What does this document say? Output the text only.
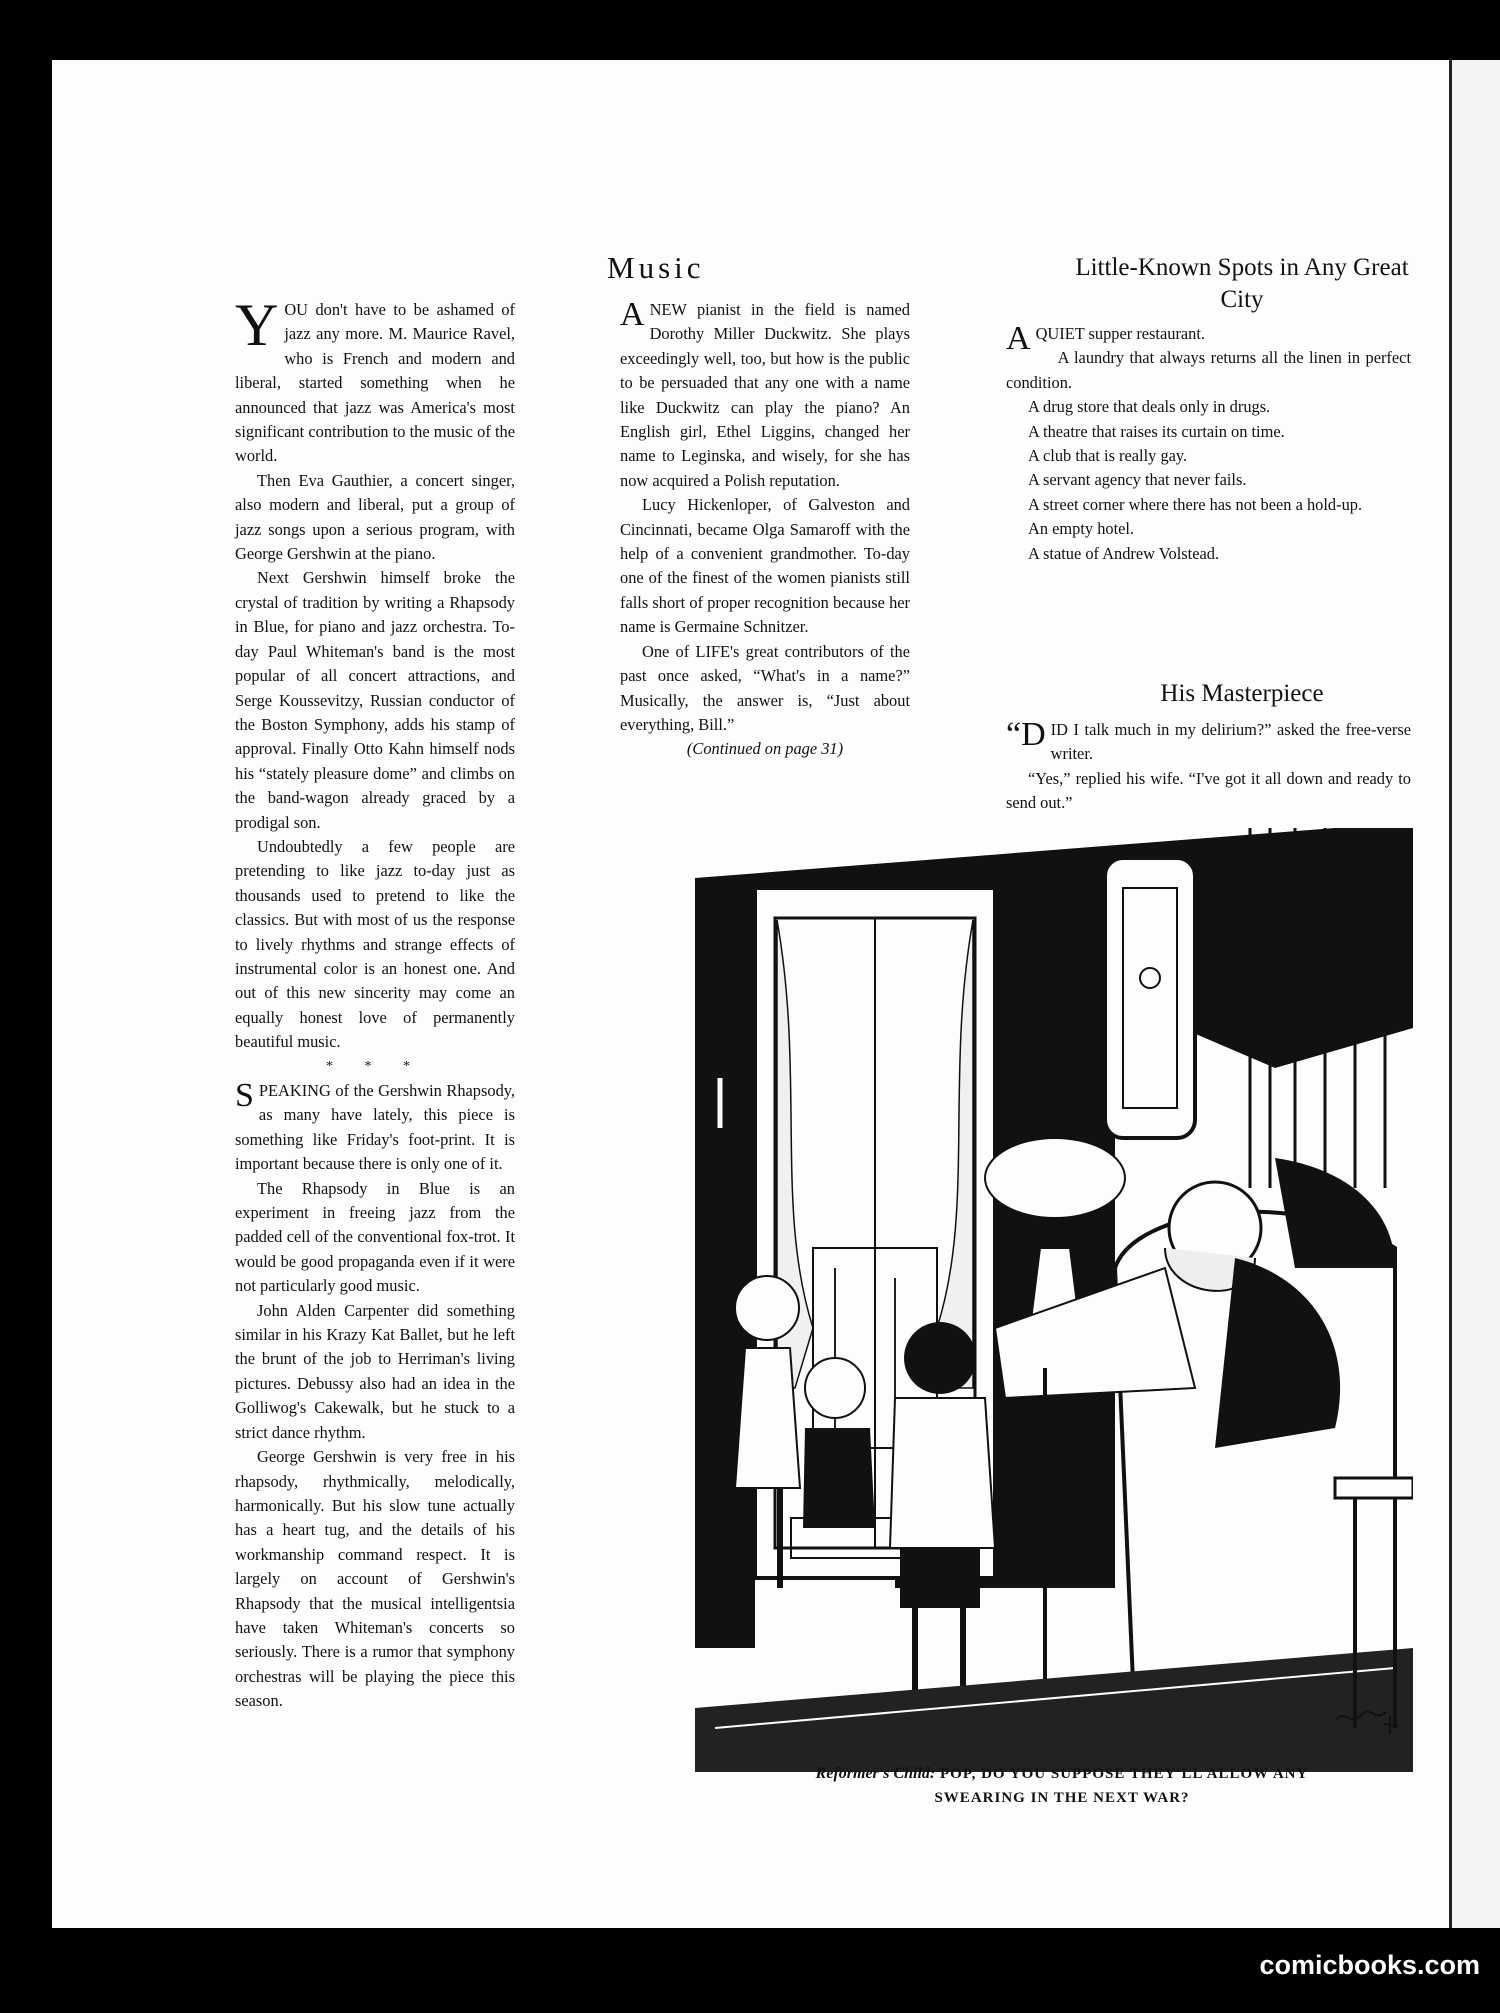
Music

YOU don't have to be ashamed of jazz any more. M. Maurice Ravel, who is French and modern and liberal, started something when he announced that jazz was America's most significant contribution to the music of the world.

Then Eva Gauthier, a concert singer, also modern and liberal, put a group of jazz songs upon a serious program, with George Gershwin at the piano.

Next Gershwin himself broke the crystal of tradition by writing a Rhapsody in Blue, for piano and jazz orchestra. To-day Paul Whiteman's band is the most popular of all concert attractions, and Serge Koussevitzy, Russian conductor of the Boston Symphony, adds his stamp of approval. Finally Otto Kahn himself nods his “stately pleasure dome” and climbs on the band-wagon already graced by a prodigal son.

Undoubtedly a few people are pretending to like jazz to-day just as thousands used to pretend to like the classics. But with most of us the response to lively rhythms and strange effects of instrumental color is an honest one. And out of this new sincerity may come an equally honest love of permanently beautiful music.

* * *

SPEAKING of the Gershwin Rhapsody, as many have lately, this piece is something like Friday's foot-print. It is important because there is only one of it.

The Rhapsody in Blue is an experiment in freeing jazz from the padded cell of the conventional fox-trot. It would be good propaganda even if it were not particularly good music.

John Alden Carpenter did something similar in his Krazy Kat Ballet, but he left the brunt of the job to Herriman's living pictures. Debussy also had an idea in the Golliwog's Cakewalk, but he stuck to a strict dance rhythm.

George Gershwin is very free in his rhapsody, rhythmically, melodically, harmonically. But his slow tune actually has a heart tug, and the details of his workmanship command respect. It is largely on account of Gershwin's Rhapsody that the musical intelligentsia have taken Whiteman's concerts so seriously. There is a rumor that symphony orchestras will be playing the piece this season.

ANEW pianist in the field is named Dorothy Miller Duckwitz. She plays exceedingly well, too, but how is the public to be persuaded that any one with a name like Duckwitz can play the piano? An English girl, Ethel Liggins, changed her name to Leginska, and wisely, for she has now acquired a Polish reputation.

Lucy Hickenloper, of Galveston and Cincinnati, became Olga Samaroff with the help of a convenient grandmother. To-day one of the finest of the women pianists still falls short of proper recognition because her name is Germaine Schnitzer.

One of LIFE's great contributors of the past once asked, “What's in a name?” Musically, the answer is, “Just about everything, Bill.”

(Continued on page 31)

Little-Known Spots in Any Great City

AQUIET supper restaurant.

A laundry that always returns all the linen in perfect condition.

A drug store that deals only in drugs.

A theatre that raises its curtain on time.

A club that is really gay.

A servant agency that never fails.

A street corner where there has not been a hold-up.

An empty hotel.

A statue of Andrew Volstead.

His Masterpiece

“DID I talk much in my delirium?” asked the free-verse writer.

“Yes,” replied his wife. “I've got it all down and ready to send out.”

Reformer's Child: POP, DO YOU SUPPOSE THEY'LL ALLOW ANY
SWEARING IN THE NEXT WAR?
comicbooks.com
